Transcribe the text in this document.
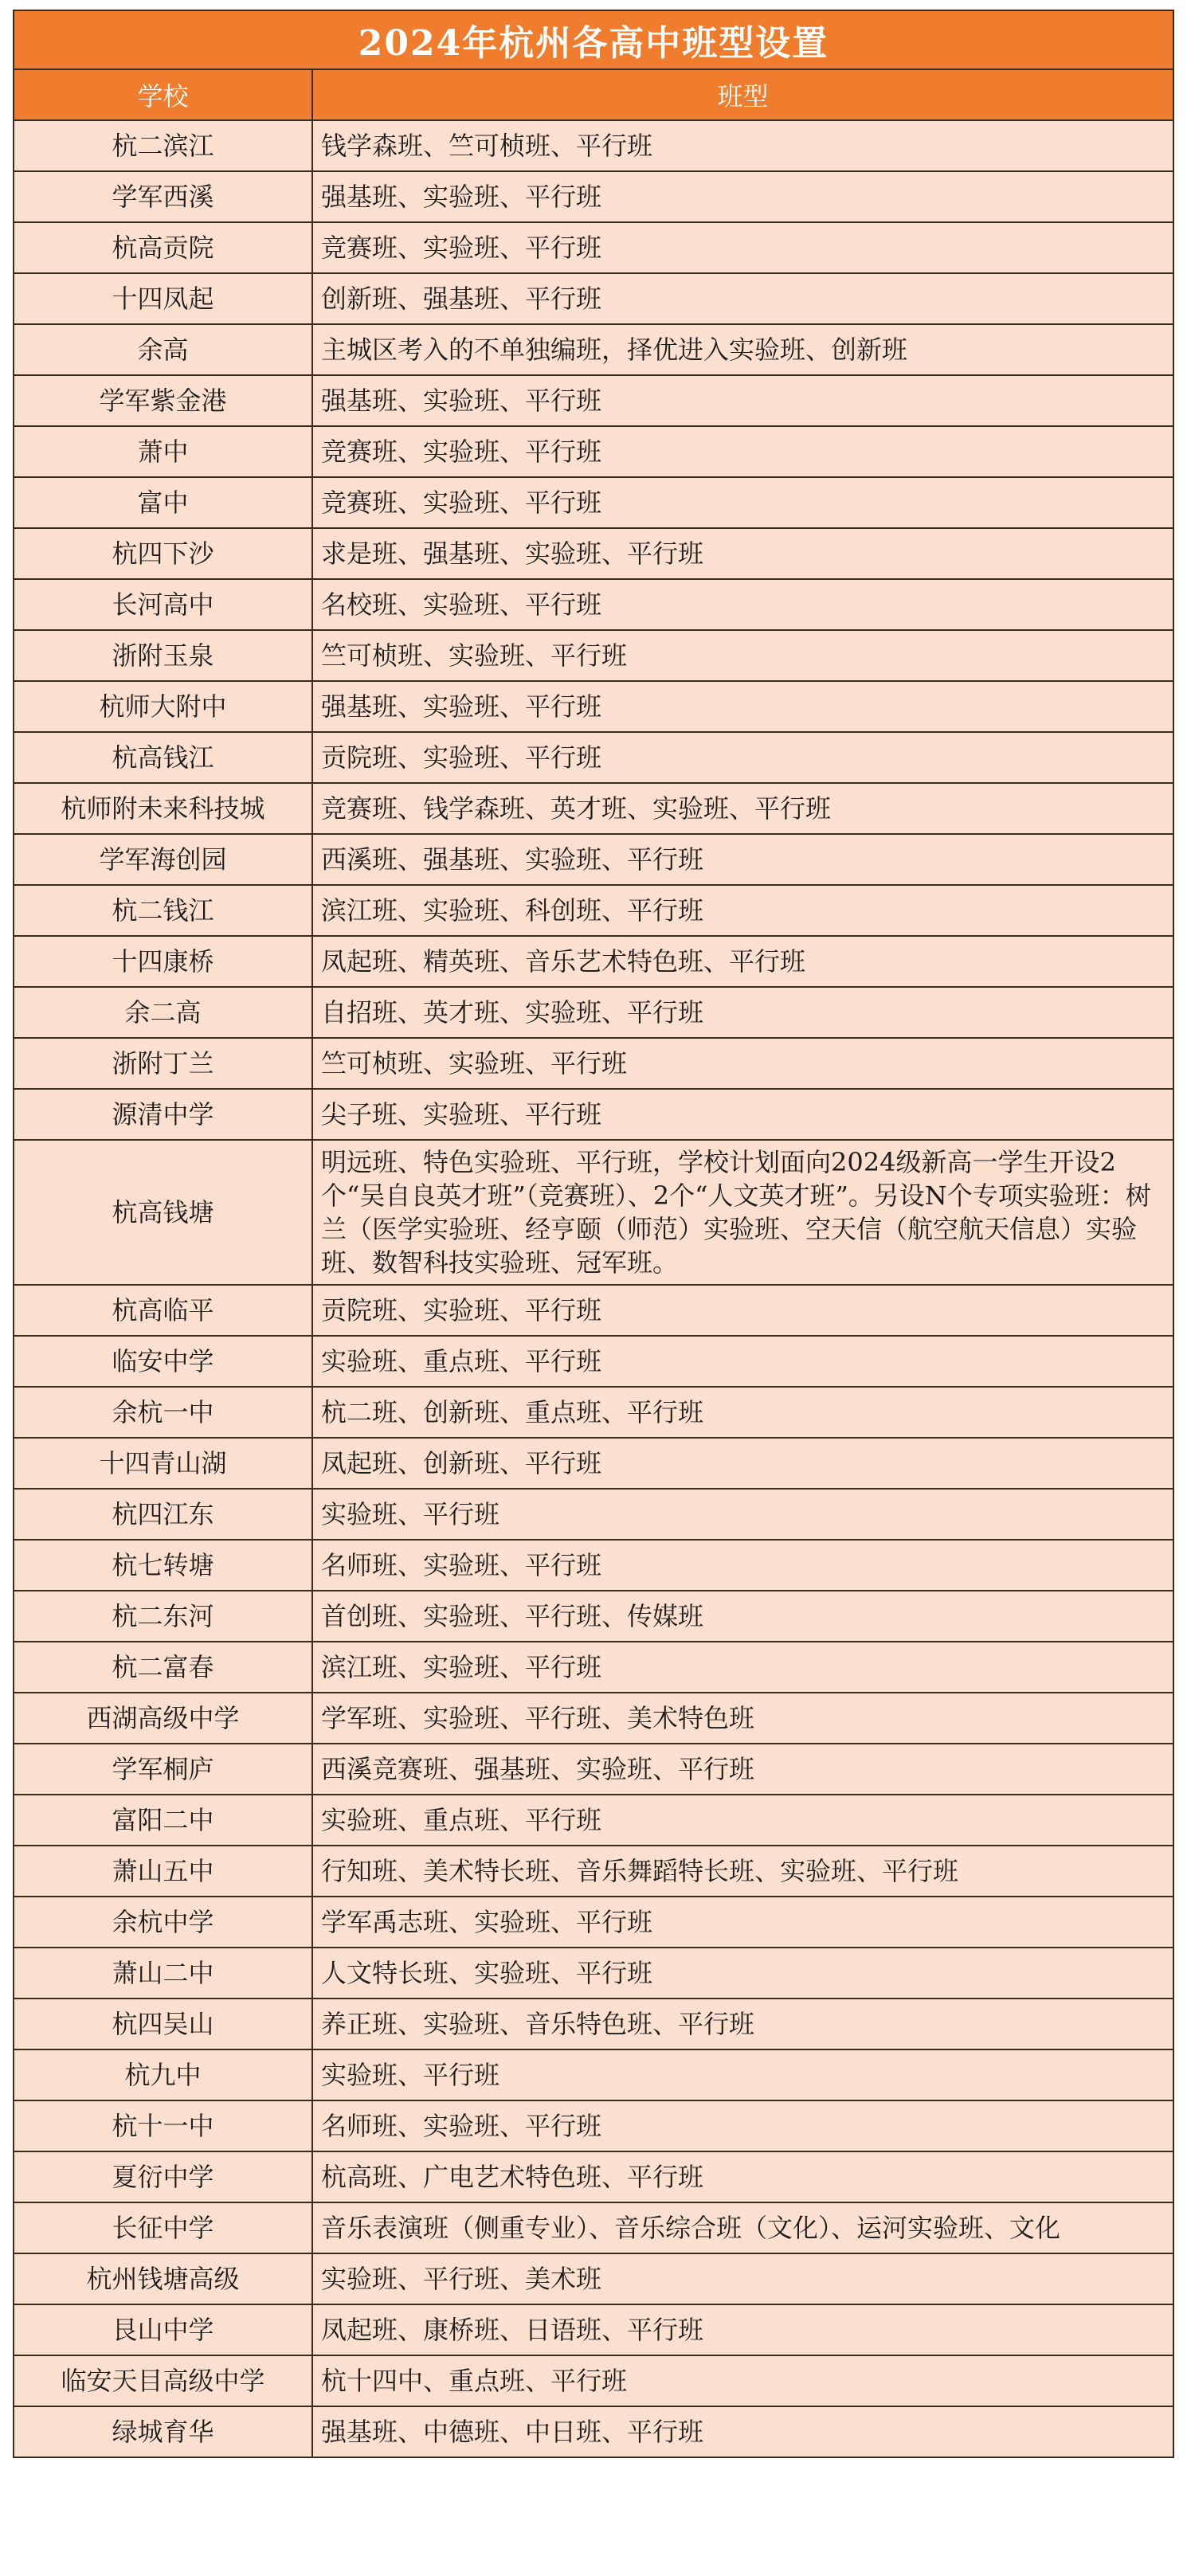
2024年杭州各高中班型设置
学校	班型
杭二滨江	钱学森班、竺可桢班、平行班
学军西溪	强基班、实验班、平行班
杭高贡院	竞赛班、实验班、平行班
十四凤起	创新班、强基班、平行班
余高	主城区考入的不单独编班，择优进入实验班、创新班
学军紫金港	强基班、实验班、平行班
萧中	竞赛班、实验班、平行班
富中	竞赛班、实验班、平行班
杭四下沙	求是班、强基班、实验班、平行班
长河高中	名校班、实验班、平行班
浙附玉泉	竺可桢班、实验班、平行班
杭师大附中	强基班、实验班、平行班
杭高钱江	贡院班、实验班、平行班
杭师附未来科技城	竞赛班、钱学森班、英才班、实验班、平行班
学军海创园	西溪班、强基班、实验班、平行班
杭二钱江	滨江班、实验班、科创班、平行班
十四康桥	凤起班、精英班、音乐艺术特色班、平行班
余二高	自招班、英才班、实验班、平行班
浙附丁兰	竺可桢班、实验班、平行班
源清中学	尖子班、实验班、平行班
杭高钱塘	明远班、特色实验班、平行班，学校计划面向2024级新高一学生开设2个“吴自良英才班”（竞赛班）、2个“人文英才班”。另设N个专项实验班：树兰（医学实验班、经亨颐（师范）实验班、空天信（航空航天信息）实验班、数智科技实验班、冠军班。
杭高临平	贡院班、实验班、平行班
临安中学	实验班、重点班、平行班
余杭一中	杭二班、创新班、重点班、平行班
十四青山湖	凤起班、创新班、平行班
杭四江东	实验班、平行班
杭七转塘	名师班、实验班、平行班
杭二东河	首创班、实验班、平行班、传媒班
杭二富春	滨江班、实验班、平行班
西湖高级中学	学军班、实验班、平行班、美术特色班
学军桐庐	西溪竞赛班、强基班、实验班、平行班
富阳二中	实验班、重点班、平行班
萧山五中	行知班、美术特长班、音乐舞蹈特长班、实验班、平行班
余杭中学	学军禹志班、实验班、平行班
萧山二中	人文特长班、实验班、平行班
杭四吴山	养正班、实验班、音乐特色班、平行班
杭九中	实验班、平行班
杭十一中	名师班、实验班、平行班
夏衍中学	杭高班、广电艺术特色班、平行班
长征中学	音乐表演班（侧重专业）、音乐综合班（文化）、运河实验班、文化
杭州钱塘高级	实验班、平行班、美术班
艮山中学	凤起班、康桥班、日语班、平行班
临安天目高级中学	杭十四中、重点班、平行班
绿城育华	强基班、中德班、中日班、平行班
